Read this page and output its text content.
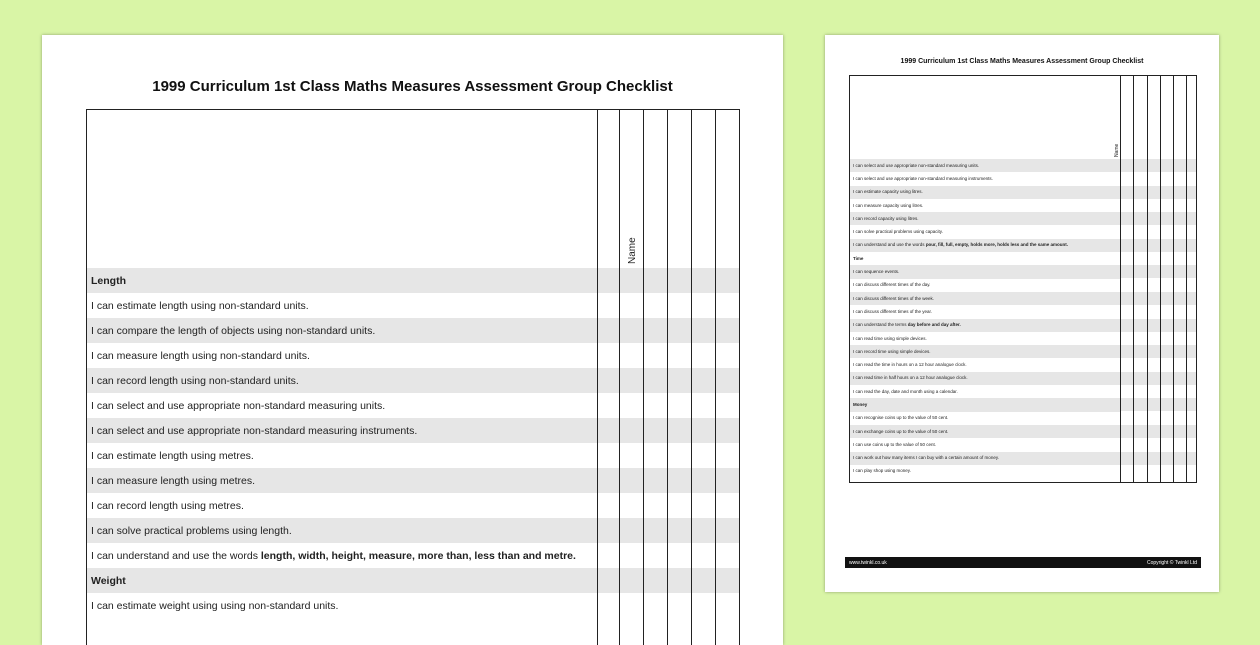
1999 Curriculum 1st Class Maths Measures Assessment Group Checklist
Name
Length
I can estimate length using non-standard units.
I can compare the length of objects using non-standard units.
I can measure length using non-standard units.
I can record length using non-standard units.
I can select and use appropriate non-standard measuring units.
I can select and use appropriate non-standard measuring instruments.
I can estimate length using metres.
I can measure length using metres.
I can record length using metres.
I can solve practical problems using length.
I can understand and use the words length, width, height, measure, more than, less than and metre.
Weight
I can estimate weight using using non-standard units.
1999 Curriculum 1st Class Maths Measures Assessment Group Checklist
Name
I can select and use appropriate non-standard measuring units.
I can select and use appropriate non-standard measuring instruments.
I can estimate capacity using litres.
I can measure capacity using litres.
I can record capacity using litres.
I can solve practical problems using capacity.
I can understand and use the words pour, fill, full, empty, holds more, holds less and the same amount.
Time
I can sequence events.
I can discuss different times of the day.
I can discuss different times of the week.
I can discuss different times of the year.
I can understand the terms day before and day after.
I can read time using simple devices.
I can record time using simple devices.
I can read the time in hours on a 12 hour analogue clock.
I can read time in half hours on a 12 hour analogue clock.
I can read the day, date and month using a calendar.
Money
I can recognise coins up to the value of 50 cent.
I can exchange coins up to the value of 50 cent.
I can use coins up to the value of 50 cent.
I can work out how many items I can buy with a certain amount of money.
I can play shop using money.
www.twinkl.co.uk	Copyright © Twinkl Ltd
